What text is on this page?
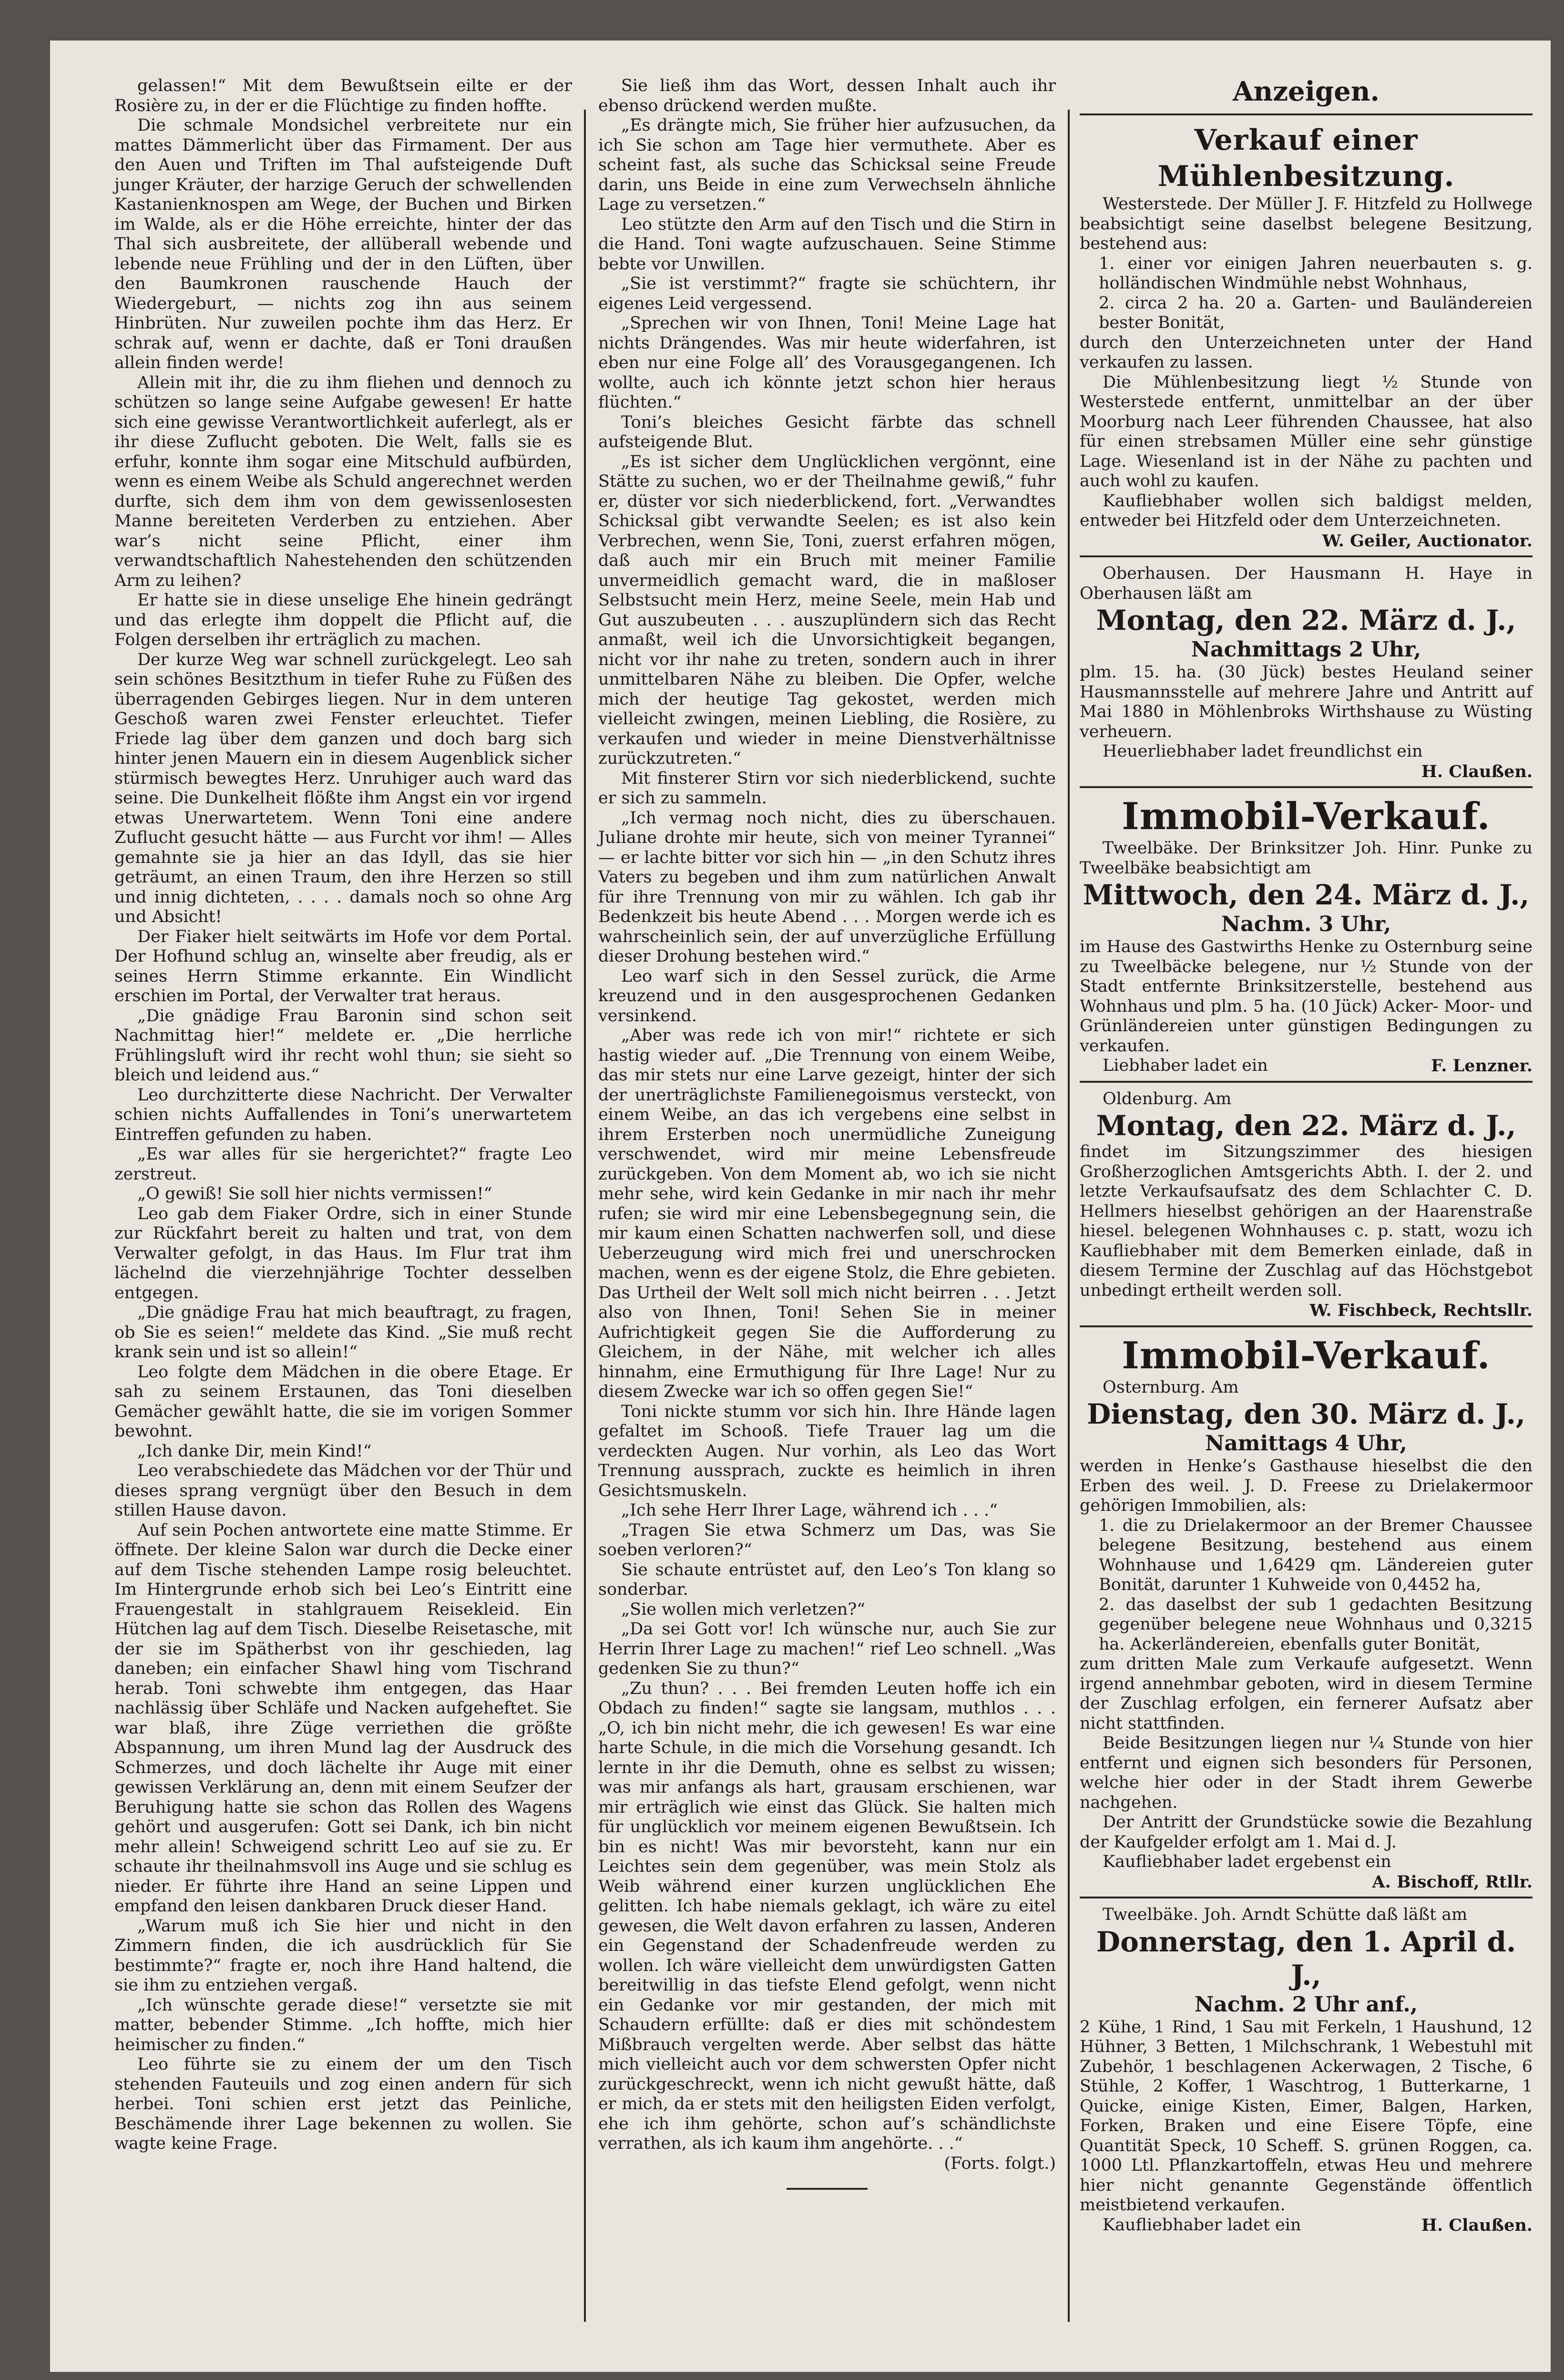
gelassen!“ Mit dem Bewußtsein eilte er der Rosière zu, in der er die Flüchtige zu finden hoffte.

Die schmale Mondsichel verbreitete nur ein mattes Dämmerlicht über das Firmament. Der aus den Auen und Triften im Thal aufsteigende Duft junger Kräuter, der harzige Geruch der schwellenden Kastanienknospen am Wege, der Buchen und Birken im Walde, als er die Höhe erreichte, hinter der das Thal sich ausbreitete, der allüberall webende und lebende neue Frühling und der in den Lüften, über den Baumkronen rauschende Hauch der Wiedergeburt, — nichts zog ihn aus seinem Hinbrüten. Nur zuweilen pochte ihm das Herz. Er schrak auf, wenn er dachte, daß er Toni draußen allein finden werde!

Allein mit ihr, die zu ihm fliehen und dennoch zu schützen so lange seine Aufgabe gewesen! Er hatte sich eine gewisse Verantwortlichkeit auferlegt, als er ihr diese Zuflucht geboten. Die Welt, falls sie es erfuhr, konnte ihm sogar eine Mitschuld aufbürden, wenn es einem Weibe als Schuld angerechnet werden durfte, sich dem ihm von dem gewissenlosesten Manne bereiteten Verderben zu entziehen. Aber war’s nicht seine Pflicht, einer ihm verwandtschaftlich Nahestehenden den schützenden Arm zu leihen?

Er hatte sie in diese unselige Ehe hinein gedrängt und das erlegte ihm doppelt die Pflicht auf, die Folgen derselben ihr erträglich zu machen.

Der kurze Weg war schnell zurückgelegt. Leo sah sein schönes Besitzthum in tiefer Ruhe zu Füßen des überragenden Gebirges liegen. Nur in dem unteren Geschoß waren zwei Fenster erleuchtet. Tiefer Friede lag über dem ganzen und doch barg sich hinter jenen Mauern ein in diesem Augenblick sicher stürmisch bewegtes Herz. Unruhiger auch ward das seine. Die Dunkelheit flößte ihm Angst ein vor irgend etwas Unerwartetem. Wenn Toni eine andere Zuflucht gesucht hätte — aus Furcht vor ihm! — Alles gemahnte sie ja hier an das Idyll, das sie hier geträumt, an einen Traum, den ihre Herzen so still und innig dichteten, . . . . damals noch so ohne Arg und Absicht!

Der Fiaker hielt seitwärts im Hofe vor dem Portal. Der Hofhund schlug an, winselte aber freudig, als er seines Herrn Stimme erkannte. Ein Windlicht erschien im Portal, der Verwalter trat heraus.

„Die gnädige Frau Baronin sind schon seit Nachmittag hier!“ meldete er. „Die herrliche Frühlingsluft wird ihr recht wohl thun; sie sieht so bleich und leidend aus.“

Leo durchzitterte diese Nachricht. Der Verwalter schien nichts Auffallendes in Toni’s unerwartetem Eintreffen gefunden zu haben.

„Es war alles für sie hergerichtet?“ fragte Leo zerstreut.

„O gewiß! Sie soll hier nichts vermissen!“

Leo gab dem Fiaker Ordre, sich in einer Stunde zur Rückfahrt bereit zu halten und trat, von dem Verwalter gefolgt, in das Haus. Im Flur trat ihm lächelnd die vierzehnjährige Tochter desselben entgegen.

„Die gnädige Frau hat mich beauftragt, zu fragen, ob Sie es seien!“ meldete das Kind. „Sie muß recht krank sein und ist so allein!“

Leo folgte dem Mädchen in die obere Etage. Er sah zu seinem Erstaunen, das Toni dieselben Gemächer gewählt hatte, die sie im vorigen Sommer bewohnt.

„Ich danke Dir, mein Kind!“

Leo verabschiedete das Mädchen vor der Thür und dieses sprang vergnügt über den Besuch in dem stillen Hause davon.

Auf sein Pochen antwortete eine matte Stimme. Er öffnete. Der kleine Salon war durch die Decke einer auf dem Tische stehenden Lampe rosig beleuchtet. Im Hintergrunde erhob sich bei Leo’s Eintritt eine Frauengestalt in stahlgrauem Reisekleid. Ein Hütchen lag auf dem Tisch. Dieselbe Reisetasche, mit der sie im Spätherbst von ihr geschieden, lag daneben; ein einfacher Shawl hing vom Tischrand herab. Toni schwebte ihm entgegen, das Haar nachlässig über Schläfe und Nacken aufgeheftet. Sie war blaß, ihre Züge verriethen die größte Abspannung, um ihren Mund lag der Ausdruck des Schmerzes, und doch lächelte ihr Auge mit einer gewissen Verklärung an, denn mit einem Seufzer der Beruhigung hatte sie schon das Rollen des Wagens gehört und ausgerufen: Gott sei Dank, ich bin nicht mehr allein! Schweigend schritt Leo auf sie zu. Er schaute ihr theilnahmsvoll ins Auge und sie schlug es nieder. Er führte ihre Hand an seine Lippen und empfand den leisen dankbaren Druck dieser Hand.

„Warum muß ich Sie hier und nicht in den Zimmern finden, die ich ausdrücklich für Sie bestimmte?“ fragte er, noch ihre Hand haltend, die sie ihm zu entziehen vergaß.

„Ich wünschte gerade diese!“ versetzte sie mit matter, bebender Stimme. „Ich hoffte, mich hier heimischer zu finden.“

Leo führte sie zu einem der um den Tisch stehenden Fauteuils und zog einen andern für sich herbei. Toni schien erst jetzt das Peinliche, Beschämende ihrer Lage bekennen zu wollen. Sie wagte keine Frage.

Sie ließ ihm das Wort, dessen Inhalt auch ihr ebenso drückend werden mußte.

„Es drängte mich, Sie früher hier aufzusuchen, da ich Sie schon am Tage hier vermuthete. Aber es scheint fast, als suche das Schicksal seine Freude darin, uns Beide in eine zum Verwechseln ähnliche Lage zu versetzen.“

Leo stützte den Arm auf den Tisch und die Stirn in die Hand. Toni wagte aufzuschauen. Seine Stimme bebte vor Unwillen.

„Sie ist verstimmt?“ fragte sie schüchtern, ihr eigenes Leid vergessend.

„Sprechen wir von Ihnen, Toni! Meine Lage hat nichts Drängendes. Was mir heute widerfahren, ist eben nur eine Folge all’ des Vorausgegangenen. Ich wollte, auch ich könnte jetzt schon hier heraus flüchten.“

Toni’s bleiches Gesicht färbte das schnell aufsteigende Blut.

„Es ist sicher dem Unglücklichen vergönnt, eine Stätte zu suchen, wo er der Theilnahme gewiß,“ fuhr er, düster vor sich niederblickend, fort. „Verwandtes Schicksal gibt verwandte Seelen; es ist also kein Verbrechen, wenn Sie, Toni, zuerst erfahren mögen, daß auch mir ein Bruch mit meiner Familie unvermeidlich gemacht ward, die in maßloser Selbstsucht mein Herz, meine Seele, mein Hab und Gut auszubeuten . . . auszuplündern sich das Recht anmaßt, weil ich die Unvorsichtigkeit begangen, nicht vor ihr nahe zu treten, sondern auch in ihrer unmittelbaren Nähe zu bleiben. Die Opfer, welche mich der heutige Tag gekostet, werden mich vielleicht zwingen, meinen Liebling, die Rosière, zu verkaufen und wieder in meine Dienstverhältnisse zurückzutreten.“

Mit finsterer Stirn vor sich niederblickend, suchte er sich zu sammeln.

„Ich vermag noch nicht, dies zu überschauen. Juliane drohte mir heute, sich von meiner Tyrannei“ — er lachte bitter vor sich hin — „in den Schutz ihres Vaters zu begeben und ihm zum natürlichen Anwalt für ihre Trennung von mir zu wählen. Ich gab ihr Bedenkzeit bis heute Abend . . . Morgen werde ich es wahrscheinlich sein, der auf unverzügliche Erfüllung dieser Drohung bestehen wird.“

Leo warf sich in den Sessel zurück, die Arme kreuzend und in den ausgesprochenen Gedanken versinkend.

„Aber was rede ich von mir!“ richtete er sich hastig wieder auf. „Die Trennung von einem Weibe, das mir stets nur eine Larve gezeigt, hinter der sich der unerträglichste Familienegoismus versteckt, von einem Weibe, an das ich vergebens eine selbst in ihrem Ersterben noch unermüdliche Zuneigung verschwendet, wird mir meine Lebensfreude zurückgeben. Von dem Moment ab, wo ich sie nicht mehr sehe, wird kein Gedanke in mir nach ihr mehr rufen; sie wird mir eine Lebensbegegnung sein, die mir kaum einen Schatten nachwerfen soll, und diese Ueberzeugung wird mich frei und unerschrocken machen, wenn es der eigene Stolz, die Ehre gebieten. Das Urtheil der Welt soll mich nicht beirren . . . Jetzt also von Ihnen, Toni! Sehen Sie in meiner Aufrichtigkeit gegen Sie die Aufforderung zu Gleichem, in der Nähe, mit welcher ich alles hinnahm, eine Ermuthigung für Ihre Lage! Nur zu diesem Zwecke war ich so offen gegen Sie!“

Toni nickte stumm vor sich hin. Ihre Hände lagen gefaltet im Schooß. Tiefe Trauer lag um die verdeckten Augen. Nur vorhin, als Leo das Wort Trennung aussprach, zuckte es heimlich in ihren Gesichtsmuskeln.

„Ich sehe Herr Ihrer Lage, während ich . . .“

„Tragen Sie etwa Schmerz um Das, was Sie soeben verloren?“

Sie schaute entrüstet auf, den Leo’s Ton klang so sonderbar.

„Sie wollen mich verletzen?“

„Da sei Gott vor! Ich wünsche nur, auch Sie zur Herrin Ihrer Lage zu machen!“ rief Leo schnell. „Was gedenken Sie zu thun?“

„Zu thun? . . . Bei fremden Leuten hoffe ich ein Obdach zu finden!“ sagte sie langsam, muthlos . . . „O, ich bin nicht mehr, die ich gewesen! Es war eine harte Schule, in die mich die Vorsehung gesandt. Ich lernte in ihr die Demuth, ohne es selbst zu wissen; was mir anfangs als hart, grausam erschienen, war mir erträglich wie einst das Glück. Sie halten mich für unglücklich vor meinem eigenen Bewußtsein. Ich bin es nicht! Was mir bevorsteht, kann nur ein Leichtes sein dem gegenüber, was mein Stolz als Weib während einer kurzen unglücklichen Ehe gelitten. Ich habe niemals geklagt, ich wäre zu eitel gewesen, die Welt davon erfahren zu lassen, Anderen ein Gegenstand der Schadenfreude werden zu wollen. Ich wäre vielleicht dem unwürdigsten Gatten bereitwillig in das tiefste Elend gefolgt, wenn nicht ein Gedanke vor mir gestanden, der mich mit Schaudern erfüllte: daß er dies mit schöndestem Mißbrauch vergelten werde. Aber selbst das hätte mich vielleicht auch vor dem schwersten Opfer nicht zurückgeschreckt, wenn ich nicht gewußt hätte, daß er mich, da er stets mit den heiligsten Eiden verfolgt, ehe ich ihm gehörte, schon auf’s schändlichste verrathen, als ich kaum ihm angehörte. . .“

(Forts. folgt.)

Anzeigen.
Verkauf einer Mühlenbesitzung.

Westerstede. Der Müller J. F. Hitzfeld zu Hollwege beabsichtigt seine daselbst belegene Besitzung, bestehend aus:

1. einer vor einigen Jahren neuerbauten s. g. holländischen Windmühle nebst Wohnhaus,

2. circa 2 ha. 20 a. Garten- und Bauländereien bester Bonität,

durch den Unterzeichneten unter der Hand verkaufen zu lassen.

Die Mühlenbesitzung liegt ½ Stunde von Westerstede entfernt, unmittelbar an der über Moorburg nach Leer führenden Chaussee, hat also für einen strebsamen Müller eine sehr günstige Lage. Wiesenland ist in der Nähe zu pachten und auch wohl zu kaufen.

Kaufliebhaber wollen sich baldigst melden, entweder bei Hitzfeld oder dem Unterzeichneten.

W. Geiler, Auctionator.

Oberhausen. Der Hausmann H. Haye in Oberhausen läßt am

Montag, den 22. März d. J.,
Nachmittags 2 Uhr,

plm. 15. ha. (30 Jück) bestes Heuland seiner Hausmannsstelle auf mehrere Jahre und Antritt auf Mai 1880 in Möhlenbroks Wirthshause zu Wüsting verheuern.

Heuerliebhaber ladet freundlichst ein

H. Claußen.

Immobil-Verkauf.

Tweelbäke. Der Brinksitzer Joh. Hinr. Punke zu Tweelbäke beabsichtigt am

Mittwoch, den 24. März d. J.,
Nachm. 3 Uhr,

im Hause des Gastwirths Henke zu Osternburg seine zu Tweelbäcke belegene, nur ½ Stunde von der Stadt entfernte Brinksitzerstelle, bestehend aus Wohnhaus und plm. 5 ha. (10 Jück) Acker- Moor- und Grünländereien unter günstigen Bedingungen zu verkaufen.

Liebhaber ladet ein	F. Lenzner.

Oldenburg. Am

Montag, den 22. März d. J.,

findet im Sitzungszimmer des hiesigen Großherzoglichen Amtsgerichts Abth. I. der 2. und letzte Verkaufsaufsatz des dem Schlachter C. D. Hellmers hieselbst gehörigen an der Haarenstraße hiesel. belegenen Wohnhauses c. p. statt, wozu ich Kaufliebhaber mit dem Bemerken einlade, daß in diesem Termine der Zuschlag auf das Höchstgebot unbedingt ertheilt werden soll.

W. Fischbeck, Rechtsllr.

Immobil-Verkauf.

Osternburg. Am

Dienstag, den 30. März d. J.,
Namittags 4 Uhr,

werden in Henke’s Gasthause hieselbst die den Erben des weil. J. D. Freese zu Drielakermoor gehörigen Immobilien, als:

1. die zu Drielakermoor an der Bremer Chaussee belegene Besitzung, bestehend aus einem Wohnhause und 1,6429 qm. Ländereien guter Bonität, darunter 1 Kuhweide von 0,4452 ha,

2. das daselbst der sub 1 gedachten Besitzung gegenüber belegene neue Wohnhaus und 0,3215 ha. Ackerländereien, ebenfalls guter Bonität,

zum dritten Male zum Verkaufe aufgesetzt. Wenn irgend annehmbar geboten, wird in diesem Termine der Zuschlag erfolgen, ein fernerer Aufsatz aber nicht stattfinden.

Beide Besitzungen liegen nur ¼ Stunde von hier entfernt und eignen sich besonders für Personen, welche hier oder in der Stadt ihrem Gewerbe nachgehen.

Der Antritt der Grundstücke sowie die Bezahlung der Kaufgelder erfolgt am 1. Mai d. J.

Kaufliebhaber ladet ergebenst ein

A. Bischoff, Rtllr.

Tweelbäke. Joh. Arndt Schütte daß läßt am

Donnerstag, den 1. April d. J.,
Nachm. 2 Uhr anf.,

2 Kühe, 1 Rind, 1 Sau mit Ferkeln, 1 Haushund, 12 Hühner, 3 Betten, 1 Milchschrank, 1 Webestuhl mit Zubehör, 1 beschlagenen Ackerwagen, 2 Tische, 6 Stühle, 2 Koffer, 1 Waschtrog, 1 Butterkarne, 1 Quicke, einige Kisten, Eimer, Balgen, Harken, Forken, Braken und eine Eisere Töpfe, eine Quantität Speck, 10 Scheff. S. grünen Roggen, ca. 1000 Ltl. Pflanzkartoffeln, etwas Heu und mehrere hier nicht genannte Gegenstände öffentlich meistbietend verkaufen.

Kaufliebhaber ladet ein	H. Claußen.
